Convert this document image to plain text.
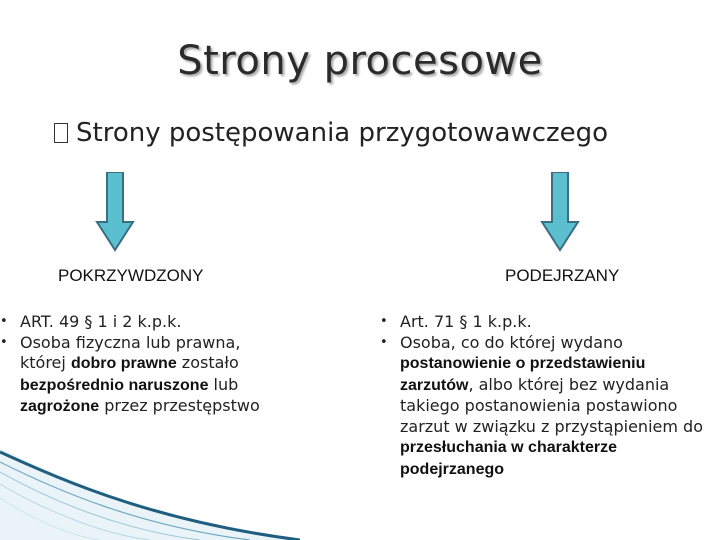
Strony procesowe
Strony postępowania przygotowawczego
POKRZYWDZONY	PODEJRZANY
• ART. 49 § 1 i 2 k.p.k.
• Osoba fizyczna lub prawna, której dobro prawne zostało bezpośrednio naruszone lub zagrożone przez przestępstwo
• Art. 71 § 1 k.p.k.
• Osoba, co do której wydano postanowienie o przedstawieniu zarzutów, albo której bez wydania takiego postanowienia postawiono zarzut w związku z przystąpieniem do przesłuchania w charakterze podejrzanego
